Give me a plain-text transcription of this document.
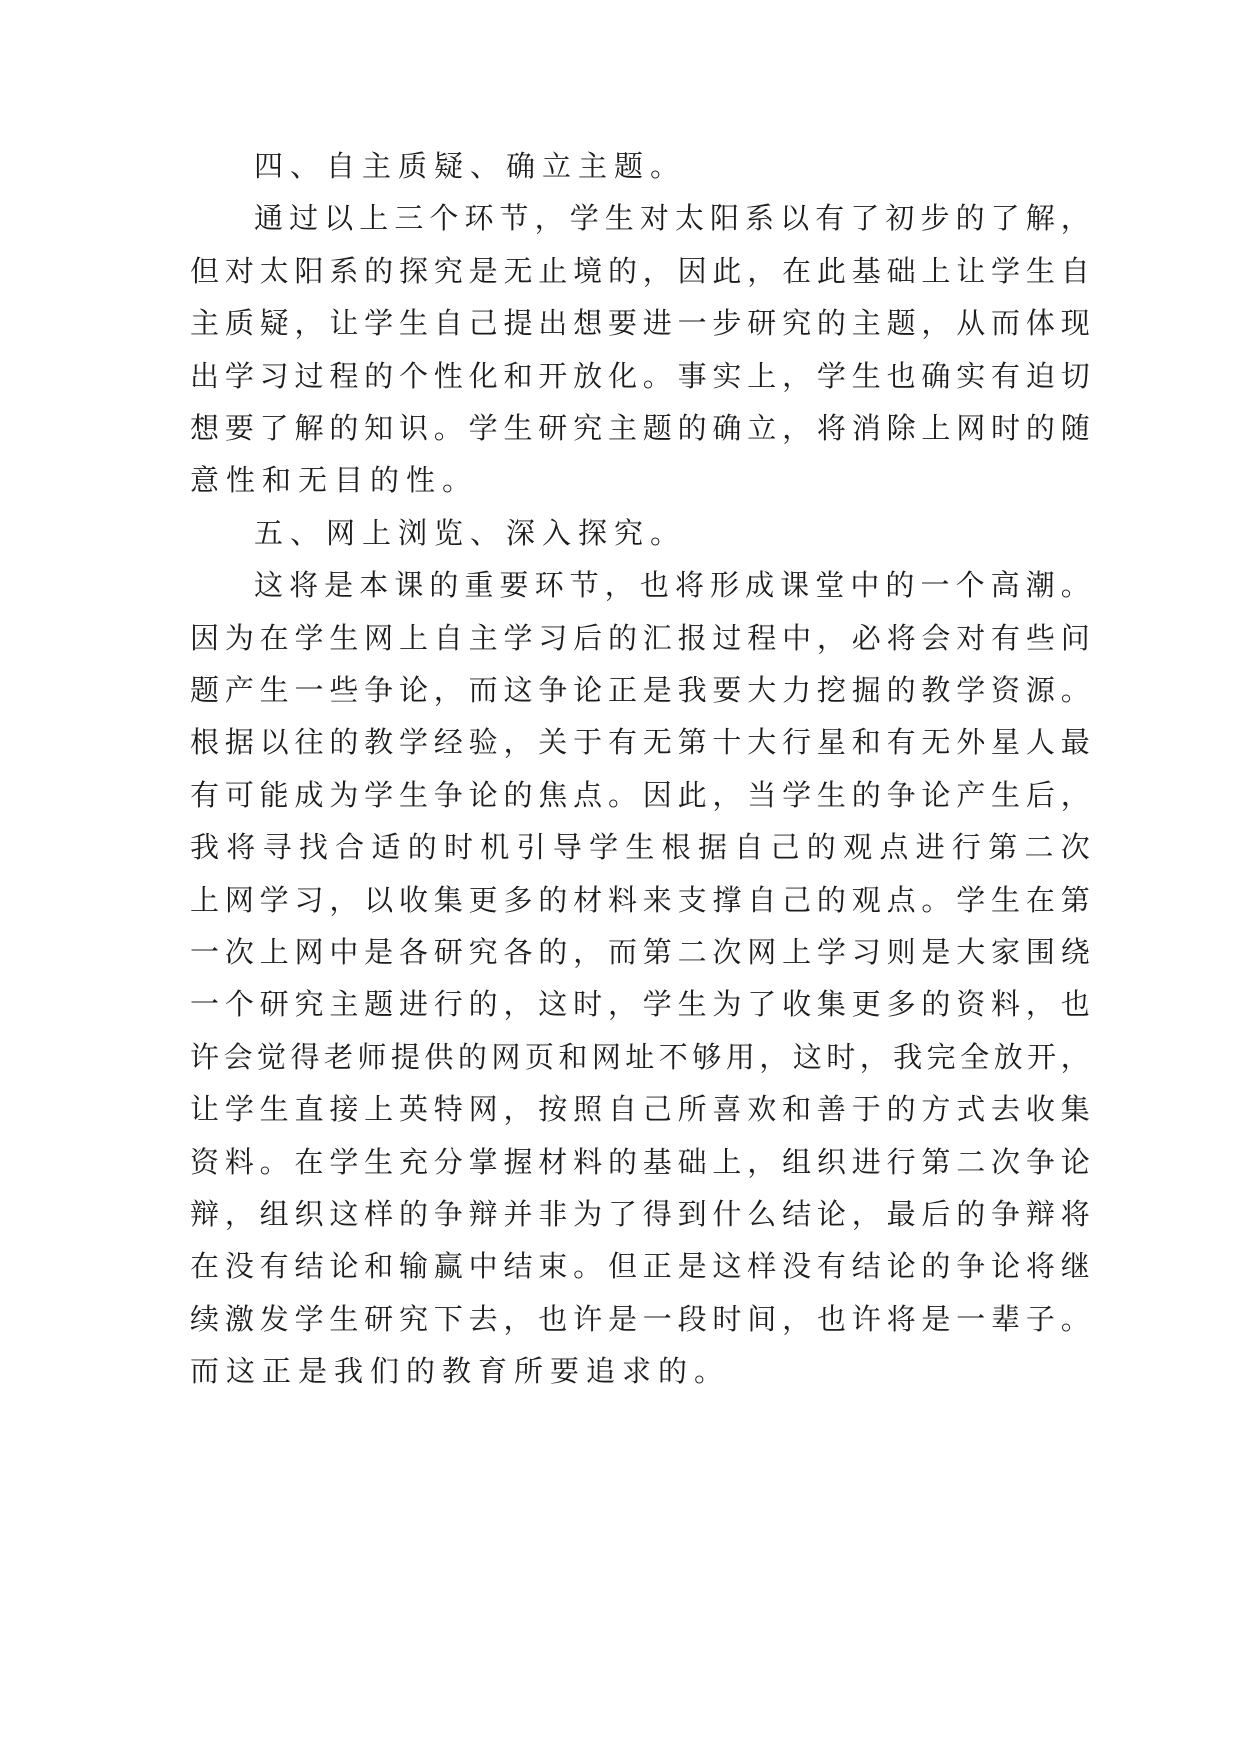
四、自主质疑、确立主题。
通 过 以 上 三 个 环 节 ， 学 生 对 太 阳 系 以 有 了 初 步 的 了 解 ，
但 对 太 阳 系 的 探 究 是 无 止 境 的 ， 因 此 ， 在 此 基 础 上 让 学 生 自
主 质 疑 ， 让 学 生 自 己 提 出 想 要 进 一 步 研 究 的 主 题 ， 从 而 体 现
出 学 习 过 程 的 个 性 化 和 开 放 化 。 事 实 上 ， 学 生 也 确 实 有 迫 切
想 要 了 解 的 知 识 。 学 生 研 究 主 题 的 确 立 ， 将 消 除 上 网 时 的 随
意性和无目的性。
五、网上浏览、深入探究。
这 将 是 本 课 的 重 要 环 节 ， 也 将 形 成 课 堂 中 的 一 个 高 潮 。
因 为 在 学 生 网 上 自 主 学 习 后 的 汇 报 过 程 中 ， 必 将 会 对 有 些 问
题 产 生 一 些 争 论 ， 而 这 争 论 正 是 我 要 大 力 挖 掘 的 教 学 资 源 。
根 据 以 往 的 教 学 经 验 ， 关 于 有 无 第 十 大 行 星 和 有 无 外 星 人 最
有 可 能 成 为 学 生 争 论 的 焦 点 。 因 此 ， 当 学 生 的 争 论 产 生 后 ，
我 将 寻 找 合 适 的 时 机 引 导 学 生 根 据 自 己 的 观 点 进 行 第 二 次
上 网 学 习 ， 以 收 集 更 多 的 材 料 来 支 撑 自 己 的 观 点 。 学 生 在 第
一 次 上 网 中 是 各 研 究 各 的 ， 而 第 二 次 网 上 学 习 则 是 大 家 围 绕
一 个 研 究 主 题 进 行 的 ， 这 时 ， 学 生 为 了 收 集 更 多 的 资 料 ， 也
许 会 觉 得 老 师 提 供 的 网 页 和 网 址 不 够 用 ， 这 时 ， 我 完 全 放 开 ，
让 学 生 直 接 上 英 特 网 ， 按 照 自 己 所 喜 欢 和 善 于 的 方 式 去 收 集
资 料 。 在 学 生 充 分 掌 握 材 料 的 基 础 上 ， 组 织 进 行 第 二 次 争 论
辩 ， 组 织 这 样 的 争 辩 并 非 为 了 得 到 什 么 结 论 ， 最 后 的 争 辩 将
在 没 有 结 论 和 输 赢 中 结 束 。 但 正 是 这 样 没 有 结 论 的 争 论 将 继
续 激 发 学 生 研 究 下 去 ， 也 许 是 一 段 时 间 ， 也 许 将 是 一 辈 子 。
而这正是我们的教育所要追求的。
